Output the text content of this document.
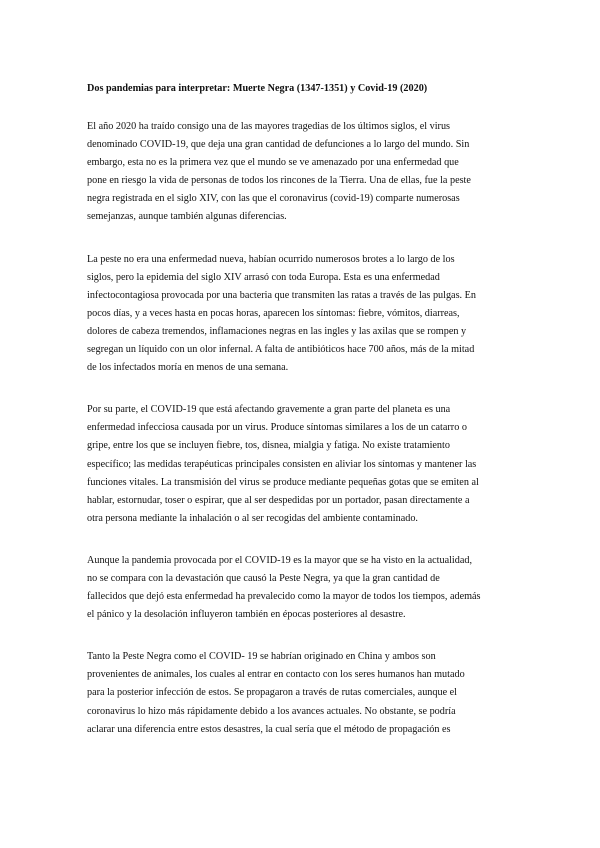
Dos pandemias para interpretar: Muerte Negra (1347-1351) y Covid-19 (2020)

El año 2020 ha traído consigo una de las mayores tragedias de los últimos siglos, el virus
denominado COVID-19, que deja una gran cantidad de defunciones a lo largo del mundo. Sin
embargo, esta no es la primera vez que el mundo se ve amenazado por una enfermedad que
pone en riesgo la vida de personas de todos los rincones de la Tierra. Una de ellas, fue la peste
negra registrada en el siglo XIV, con las que el coronavirus (covid-19) comparte numerosas
semejanzas, aunque también algunas diferencias.

La peste no era una enfermedad nueva, habían ocurrido numerosos brotes a lo largo de los
siglos, pero la epidemia del siglo XIV arrasó con toda Europa. Esta es una enfermedad
infectocontagiosa provocada por una bacteria que transmiten las ratas a través de las pulgas. En
pocos días, y a veces hasta en pocas horas, aparecen los síntomas: fiebre, vómitos, diarreas,
dolores de cabeza tremendos, inflamaciones negras en las ingles y las axilas que se rompen y
segregan un líquido con un olor infernal. A falta de antibióticos hace 700 años, más de la mitad
de los infectados moría en menos de una semana.

Por su parte, el COVID-19 que está afectando gravemente a gran parte del planeta es una
enfermedad infecciosa causada por un virus. Produce síntomas similares a los de un catarro o
gripe, entre los que se incluyen fiebre, tos, disnea, mialgia y fatiga. No existe tratamiento
específico; las medidas terapéuticas principales consisten en aliviar los síntomas y mantener las
funciones vitales. La transmisión del virus se produce mediante pequeñas gotas que se emiten al
hablar, estornudar, toser o espirar, que al ser despedidas por un portador, pasan directamente a
otra persona mediante la inhalación o al ser recogidas del ambiente contaminado.

Aunque la pandemia provocada por el COVID-19 es la mayor que se ha visto en la actualidad,
no se compara con la devastación que causó la Peste Negra, ya que la gran cantidad de
fallecidos que dejó esta enfermedad ha prevalecido como la mayor de todos los tiempos, además
el pánico y la desolación influyeron también en épocas posteriores al desastre.

Tanto la Peste Negra como el COVID- 19 se habrían originado en China y ambos son
provenientes de animales, los cuales al entrar en contacto con los seres humanos han mutado
para la posterior infección de estos. Se propagaron a través de rutas comerciales, aunque el
coronavirus lo hizo más rápidamente debido a los avances actuales. No obstante, se podría
aclarar una diferencia entre estos desastres, la cual sería que el método de propagación es
